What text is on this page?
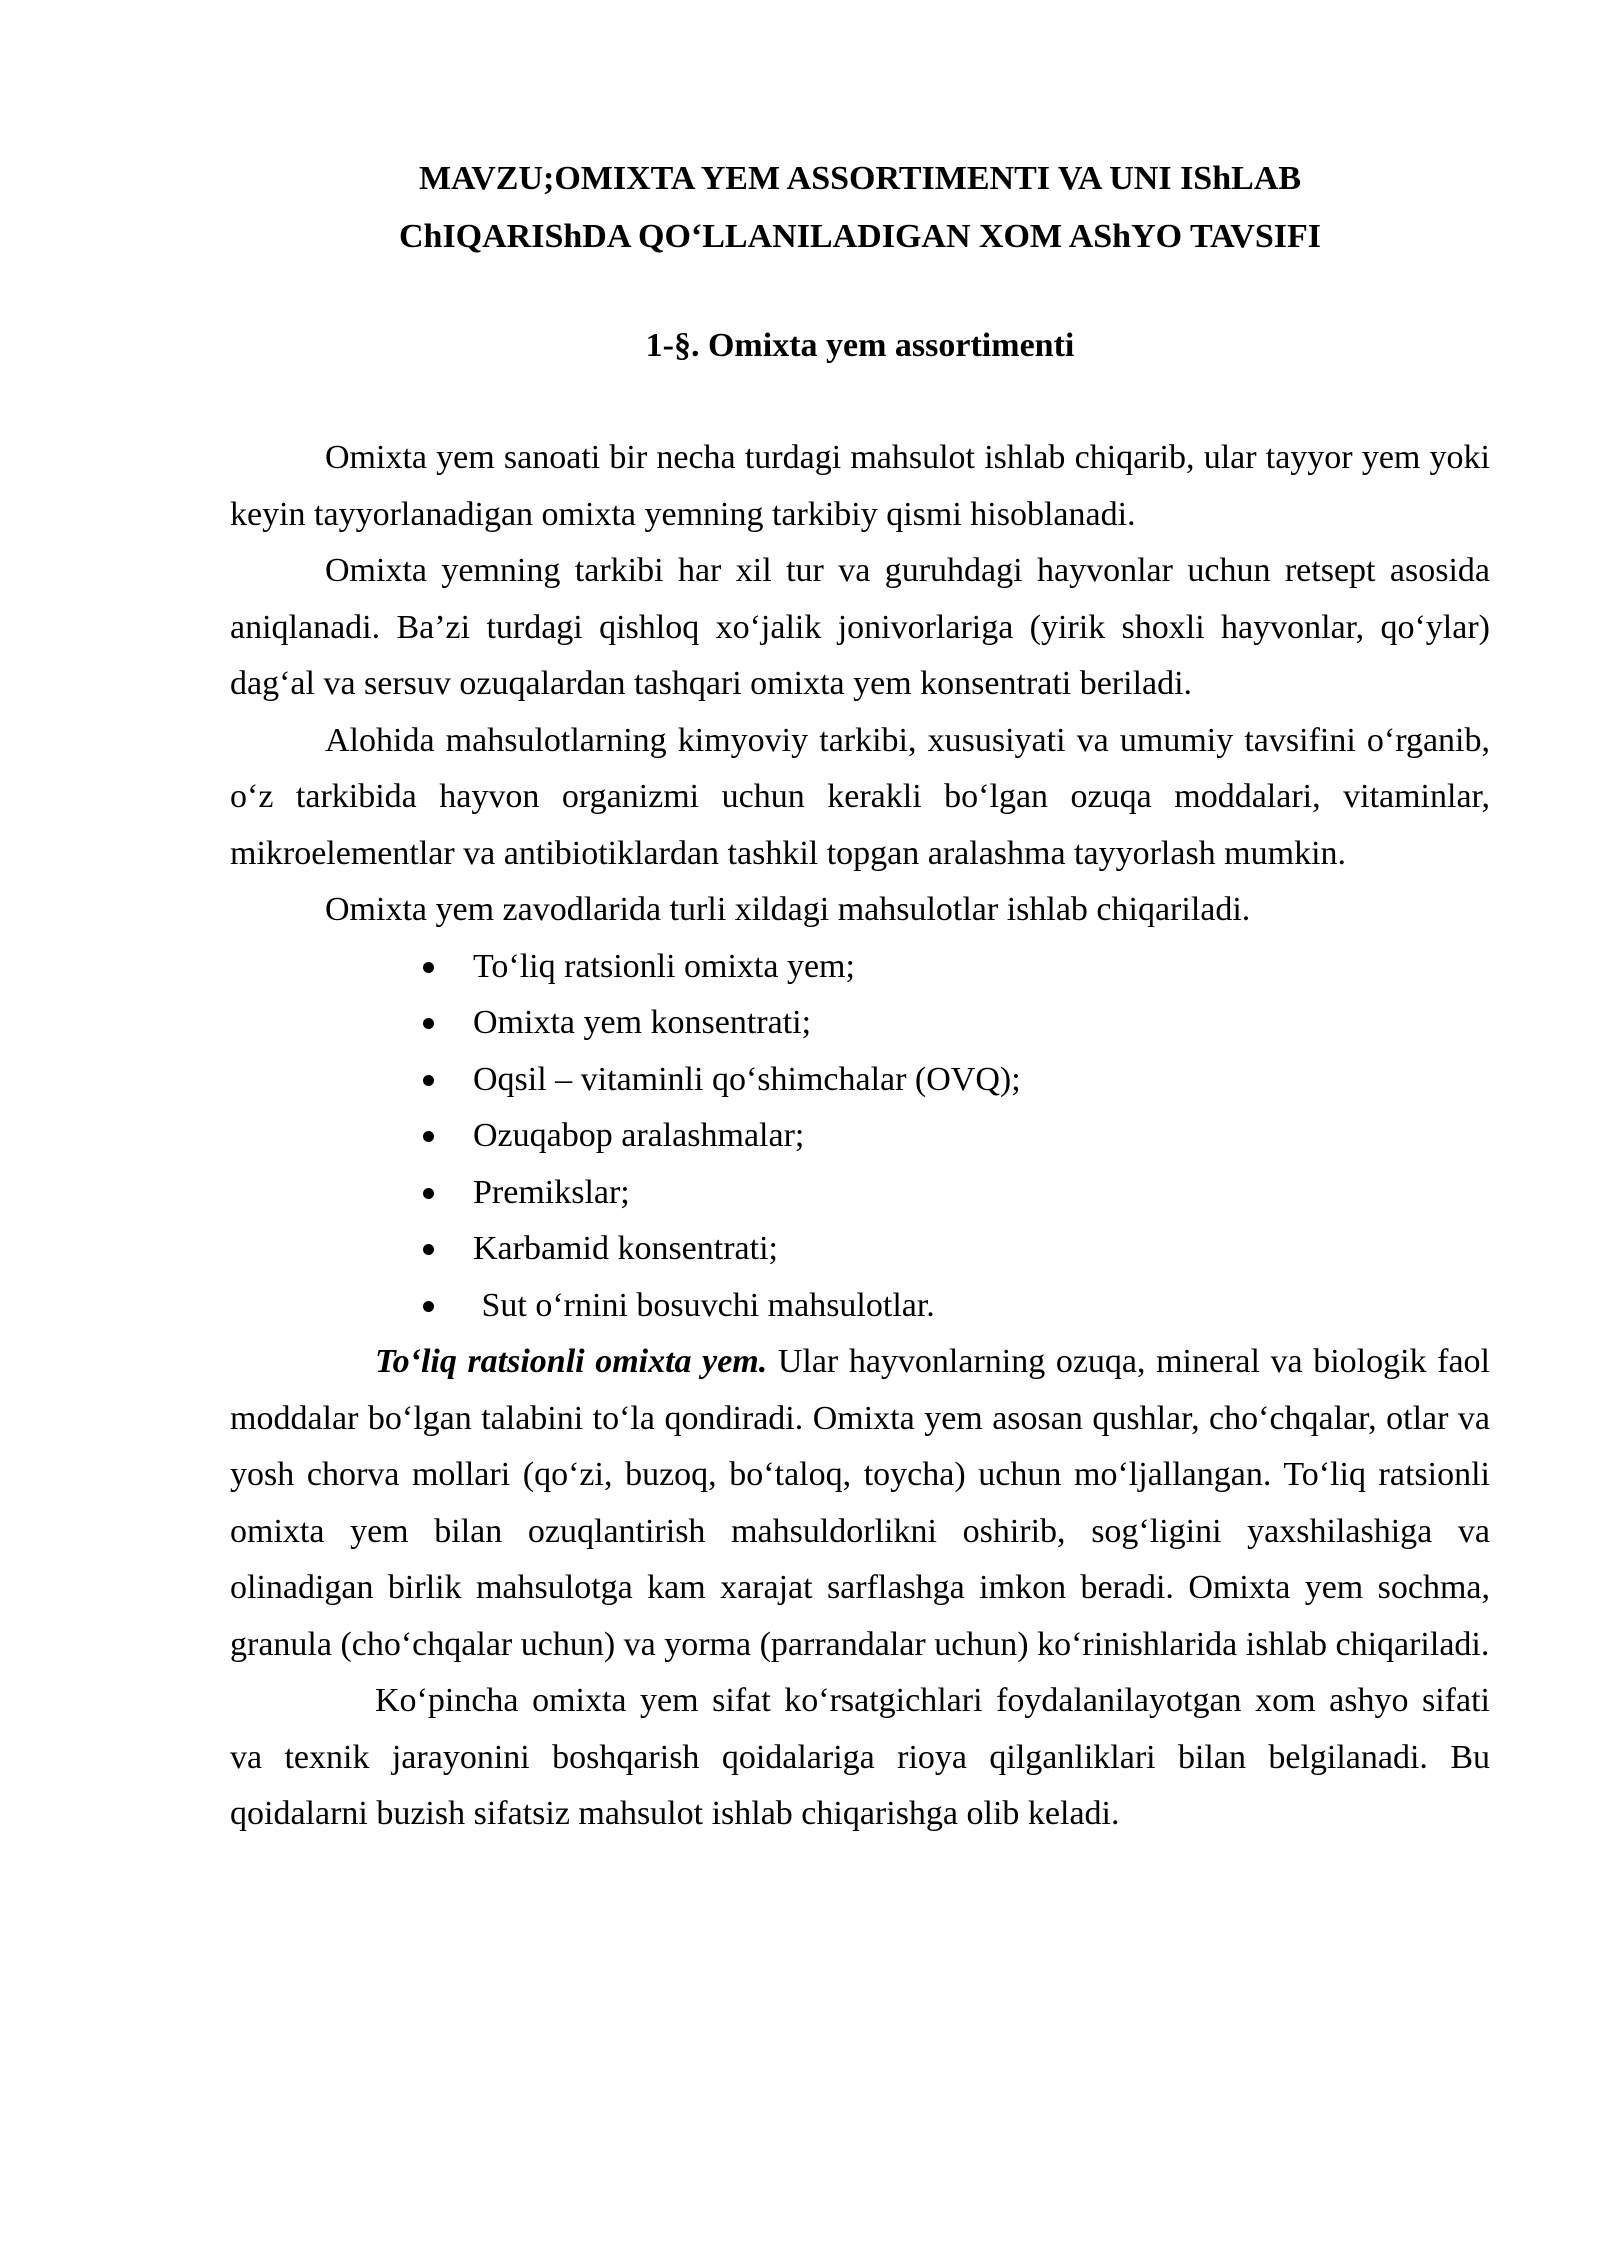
MAVZU;OMIXTA YEM ASSORTIMENTI VA UNI IShLAB
ChIQARIShDA QO‘LLANILADIGAN XOM AShYO TAVSIFI
1-§. Omixta yem assortimenti

Omixta yem sanoati bir necha turdagi mahsulot ishlab chiqarib, ular tayyor yem yoki keyin tayyorlanadigan omixta yemning tarkibiy qismi hisoblanadi.

Omixta yemning tarkibi har xil tur va guruhdagi hayvonlar uchun retsept asosida aniqlanadi. Ba’zi turdagi qishloq xo‘jalik jonivorlariga (yirik shoxli hayvonlar, qo‘ylar) dag‘al va sersuv ozuqalardan tashqari omixta yem konsentrati beriladi.

Alohida mahsulotlarning kimyoviy tarkibi, xususiyati va umumiy tavsifini o‘rganib, o‘z tarkibida hayvon organizmi uchun kerakli bo‘lgan ozuqa moddalari, vitaminlar, mikroelementlar va antibiotiklardan tashkil topgan aralashma tayyorlash mumkin.

Omixta yem zavodlarida turli xildagi mahsulotlar ishlab chiqariladi.

To‘liq ratsionli omixta yem;
Omixta yem konsentrati;
Oqsil – vitaminli qo‘shimchalar (OVQ);
Ozuqabop aralashmalar;
Premikslar;
Karbamid konsentrati;
Sut o‘rnini bosuvchi mahsulotlar.

To‘liq ratsionli omixta yem. Ular hayvonlarning ozuqa, mineral va biologik faol moddalar bo‘lgan talabini to‘la qondiradi. Omixta yem asosan qushlar, cho‘chqalar, otlar va yosh chorva mollari (qo‘zi, buzoq, bo‘taloq, toycha) uchun mo‘ljallangan. To‘liq ratsionli omixta yem bilan ozuqlantirish mahsuldorlikni oshirib, sog‘ligini yaxshilashiga va olinadigan birlik mahsulotga kam xarajat sarflashga imkon beradi. Omixta yem sochma, granula (cho‘chqalar uchun) va yorma (parrandalar uchun) ko‘rinishlarida ishlab chiqariladi.

Ko‘pincha omixta yem sifat ko‘rsatgichlari foydalanilayotgan xom ashyo sifati va texnik jarayonini boshqarish qoidalariga rioya qilganliklari bilan belgilanadi. Bu qoidalarni buzish sifatsiz mahsulot ishlab chiqarishga olib keladi.
